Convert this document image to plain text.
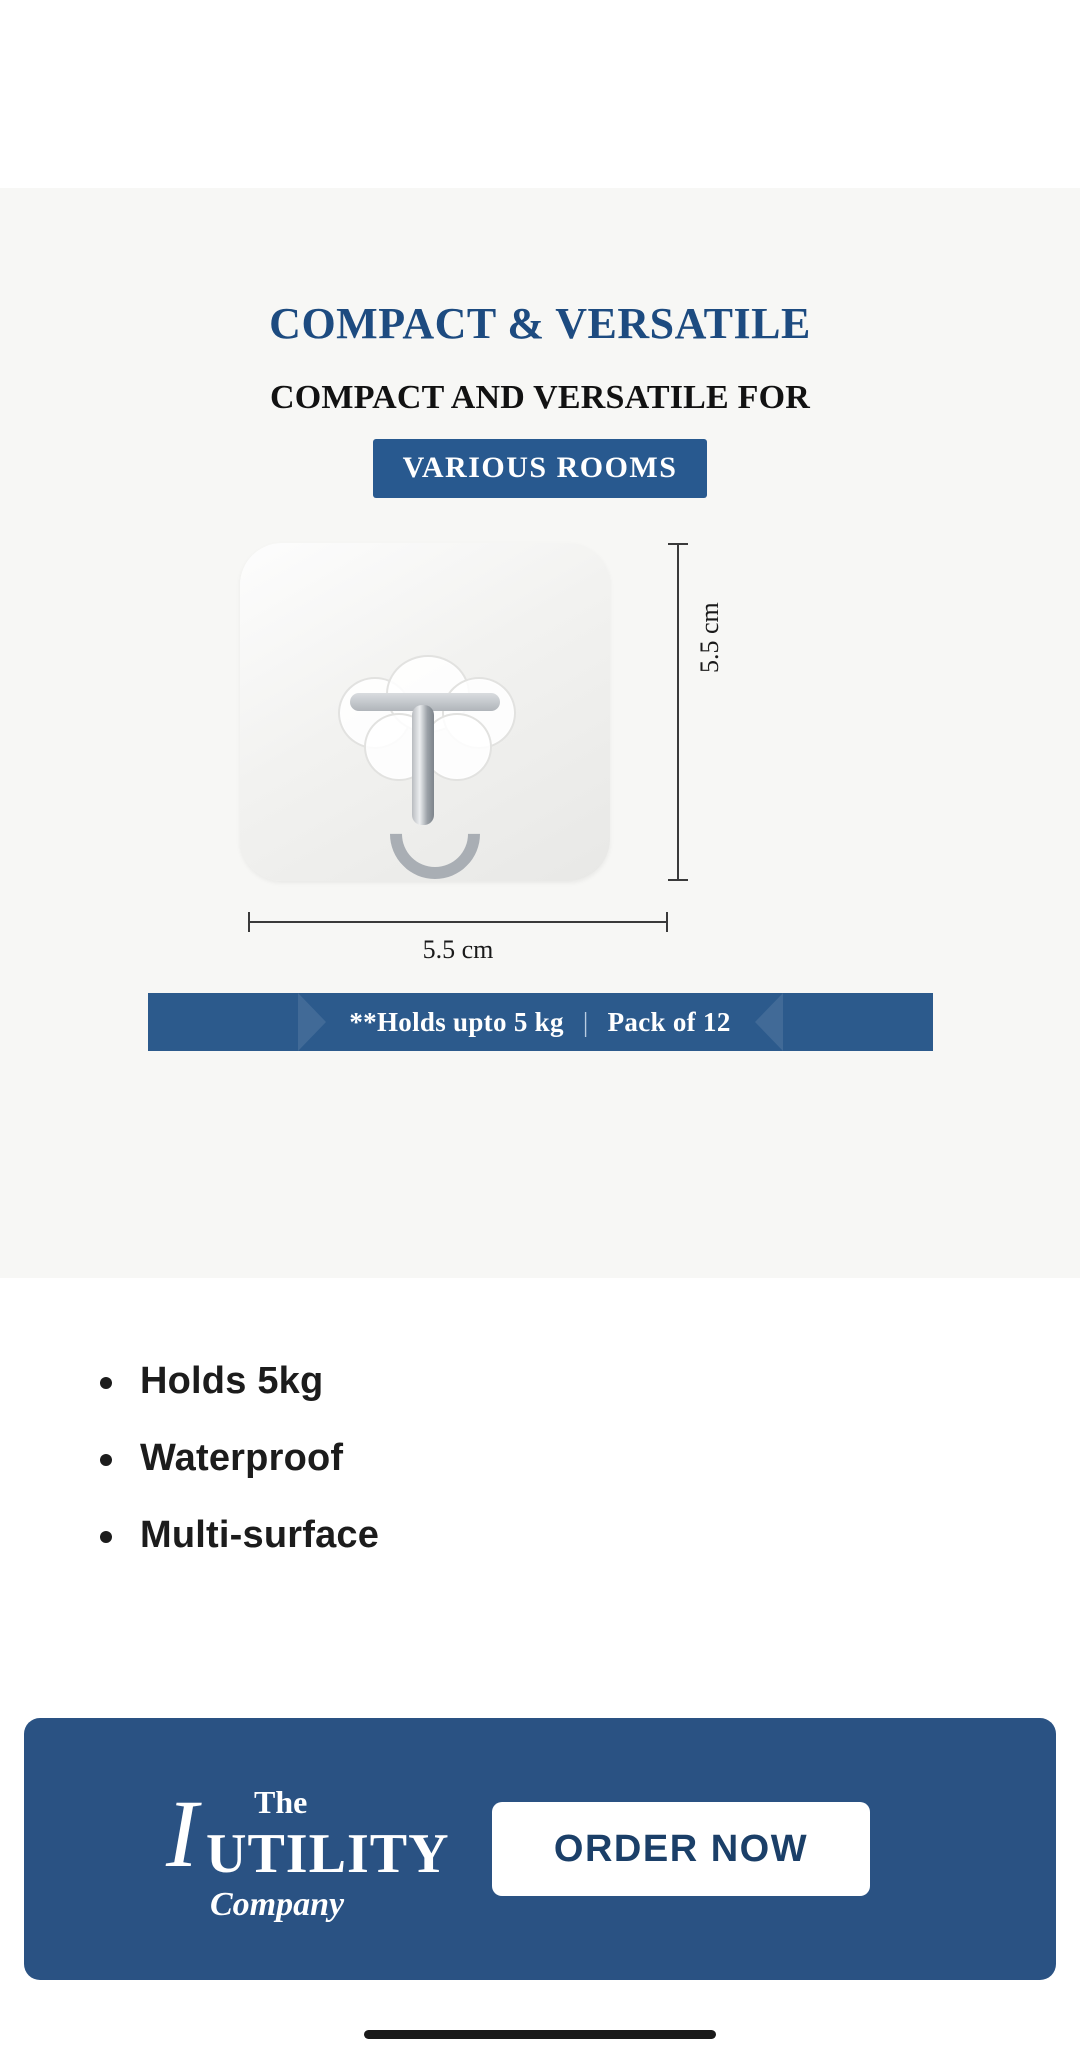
COMPACT & VERSATILE
COMPACT AND VERSATILE FOR
VARIOUS ROOMS
5.5 cm
5.5 cm
**Holds upto 5 kg | Pack of 12
Holds 5kg
Waterproof
Multi-surface
I The
UTILITY
Company
ORDER NOW
